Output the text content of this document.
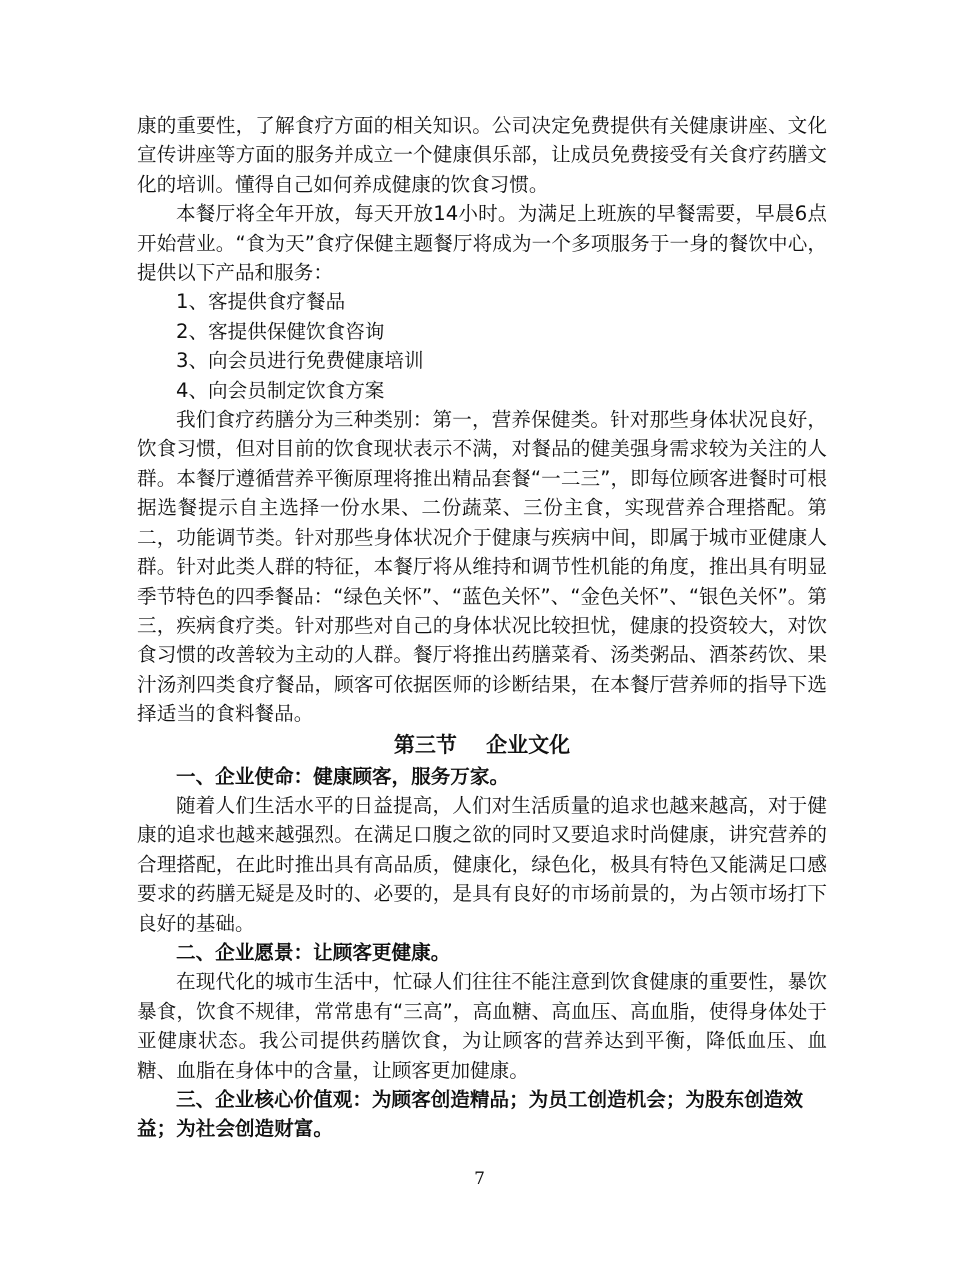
康的重要性，了解食疗方面的相关知识。公司决定免费提供有关健康讲座、文化宣传讲座等方面的服务并成立一个健康俱乐部，让成员免费接受有关食疗药膳文化的培训。懂得自己如何养成健康的饮食习惯。

本餐厅将全年开放，每天开放14小时。为满足上班族的早餐需要，早晨6点开始营业。“食为天”食疗保健主题餐厅将成为一个多项服务于一身的餐饮中心，提供以下产品和服务：

1、客提供食疗餐品

2、客提供保健饮食咨询

3、向会员进行免费健康培训

4、向会员制定饮食方案

我们食疗药膳分为三种类别：第一，营养保健类。针对那些身体状况良好，饮食习惯，但对目前的饮食现状表示不满，对餐品的健美强身需求较为关注的人群。本餐厅遵循营养平衡原理将推出精品套餐“一二三”，即每位顾客进餐时可根据选餐提示自主选择一份水果、二份蔬菜、三份主食，实现营养合理搭配。第二，功能调节类。针对那些身体状况介于健康与疾病中间，即属于城市亚健康人群。针对此类人群的特征，本餐厅将从维持和调节性机能的角度，推出具有明显季节特色的四季餐品：“绿色关怀”、“蓝色关怀”、“金色关怀”、“银色关怀”。第三，疾病食疗类。针对那些对自己的身体状况比较担忧，健康的投资较大，对饮食习惯的改善较为主动的人群。餐厅将推出药膳菜肴、汤类粥品、酒茶药饮、果汁汤剂四类食疗餐品，顾客可依据医师的诊断结果，在本餐厅营养师的指导下选择适当的食料餐品。

第三节    企业文化

一、企业使命：健康顾客，服务万家。

随着人们生活水平的日益提高，人们对生活质量的追求也越来越高，对于健康的追求也越来越强烈。在满足口腹之欲的同时又要追求时尚健康，讲究营养的合理搭配，在此时推出具有高品质，健康化，绿色化，极具有特色又能满足口感要求的药膳无疑是及时的、必要的，是具有良好的市场前景的，为占领市场打下良好的基础。

二、企业愿景：让顾客更健康。

在现代化的城市生活中，忙碌人们往往不能注意到饮食健康的重要性，暴饮暴食，饮食不规律，常常患有“三高”，高血糖、高血压、高血脂，使得身体处于亚健康状态。我公司提供药膳饮食，为让顾客的营养达到平衡，降低血压、血糖、血脂在身体中的含量，让顾客更加健康。

三、企业核心价值观：为顾客创造精品；为员工创造机会；为股东创造效益；为社会创造财富。

7
